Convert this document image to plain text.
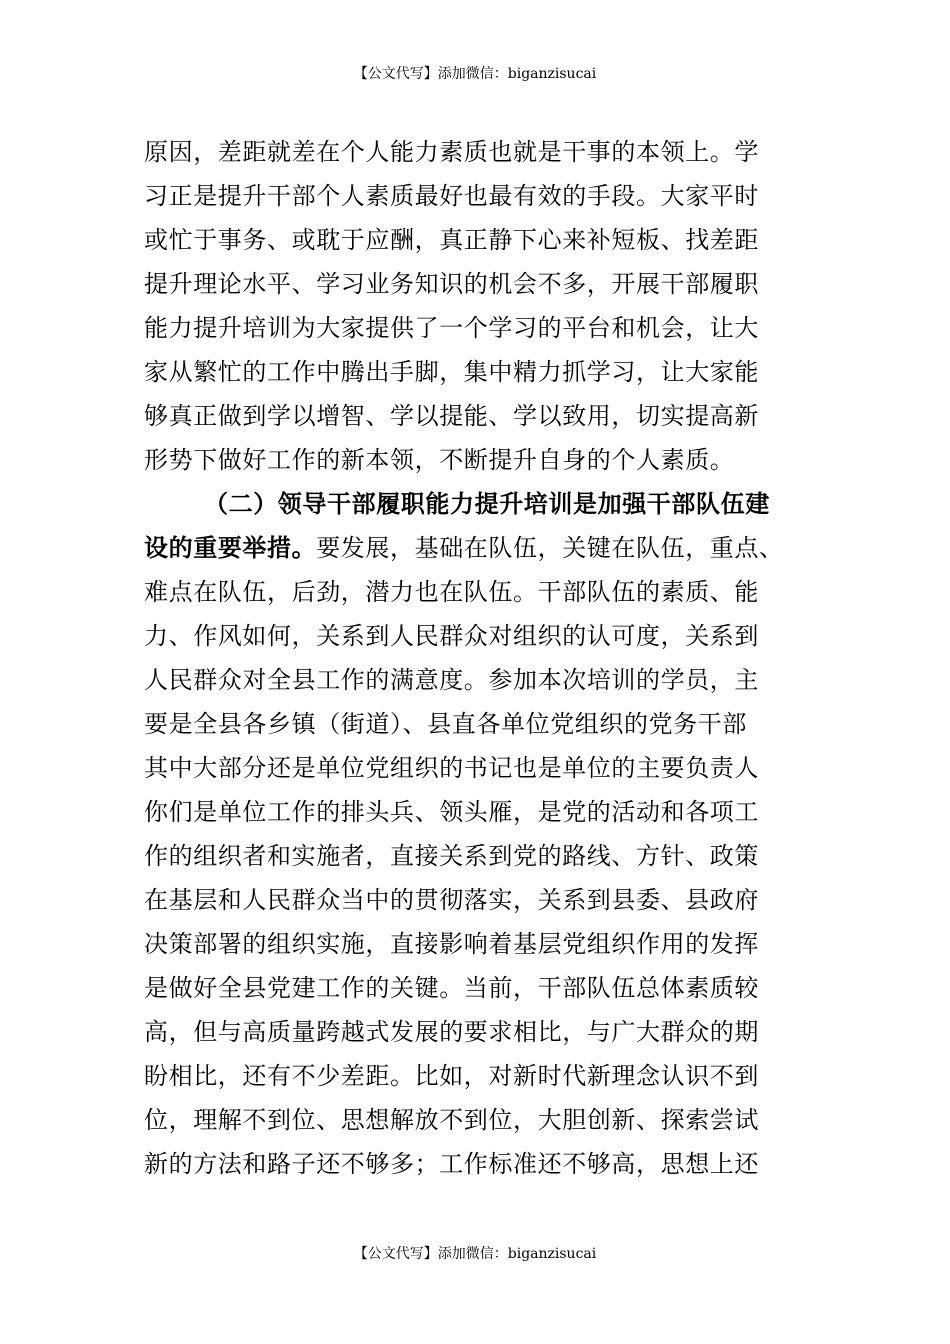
【公文代写】添加微信：biganzisucai
原因，差距就差在个人能力素质也就是干事的本领上。学
习正是提升干部个人素质最好也最有效的手段。大家平时
或忙于事务、或耽于应酬，真正静下心来补短板、找差距
提升理论水平、学习业务知识的机会不多，开展干部履职
能力提升培训为大家提供了一个学习的平台和机会，让大
家从繁忙的工作中腾出手脚，集中精力抓学习，让大家能
够真正做到学以增智、学以提能、学以致用，切实提高新
形势下做好工作的新本领，不断提升自身的个人素质。
（二）领导干部履职能力提升培训是加强干部队伍建
设的重要举措。要发展，基础在队伍，关键在队伍，重点、
难点在队伍，后劲，潜力也在队伍。干部队伍的素质、能
力、作风如何，关系到人民群众对组织的认可度，关系到
人民群众对全县工作的满意度。参加本次培训的学员，主
要是全县各乡镇（街道）、县直各单位党组织的党务干部
其中大部分还是单位党组织的书记也是单位的主要负责人
你们是单位工作的排头兵、领头雁，是党的活动和各项工
作的组织者和实施者，直接关系到党的路线、方针、政策
在基层和人民群众当中的贯彻落实，关系到县委、县政府
决策部署的组织实施，直接影响着基层党组织作用的发挥
是做好全县党建工作的关键。当前，干部队伍总体素质较
高，但与高质量跨越式发展的要求相比，与广大群众的期
盼相比，还有不少差距。比如，对新时代新理念认识不到
位，理解不到位、思想解放不到位，大胆创新、探索尝试
新的方法和路子还不够多；工作标准还不够高，思想上还
【公文代写】添加微信：biganzisucai
